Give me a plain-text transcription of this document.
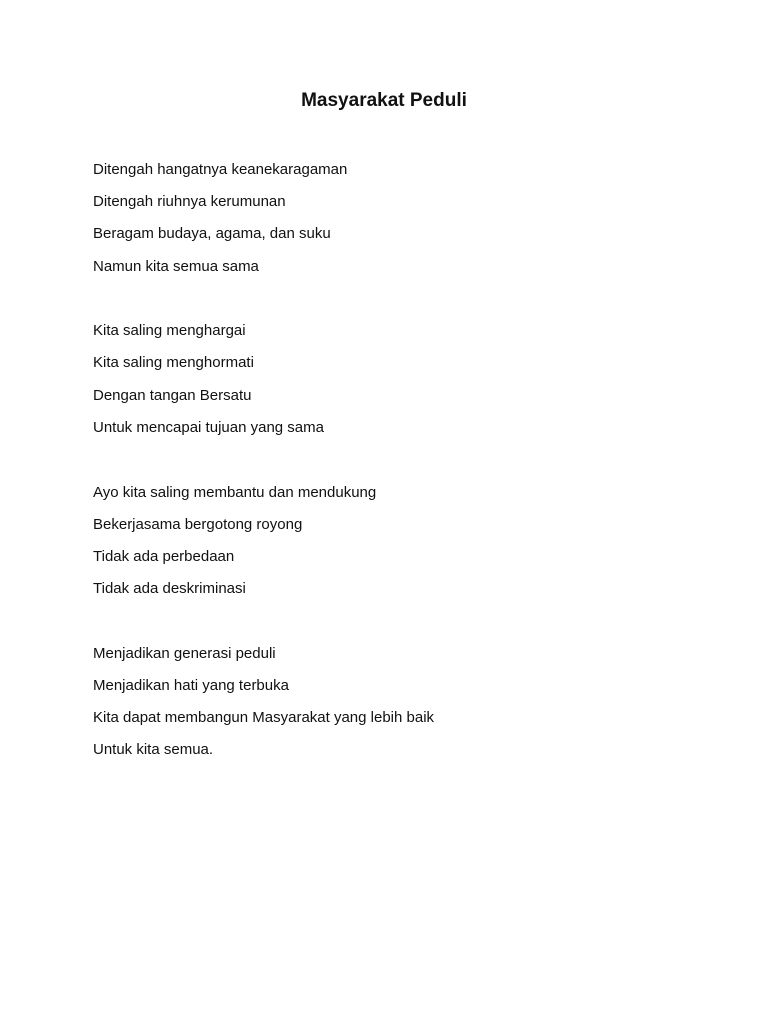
Masyarakat Peduli
Ditengah hangatnya keanekaragaman
Ditengah riuhnya kerumunan
Beragam budaya, agama, dan suku
Namun kita semua sama
Kita saling menghargai
Kita saling menghormati
Dengan tangan Bersatu
Untuk mencapai tujuan yang sama
Ayo kita saling membantu dan mendukung
Bekerjasama bergotong royong
Tidak ada perbedaan
Tidak ada deskriminasi
Menjadikan generasi peduli
Menjadikan hati yang terbuka
Kita dapat membangun Masyarakat yang lebih baik
Untuk kita semua.
